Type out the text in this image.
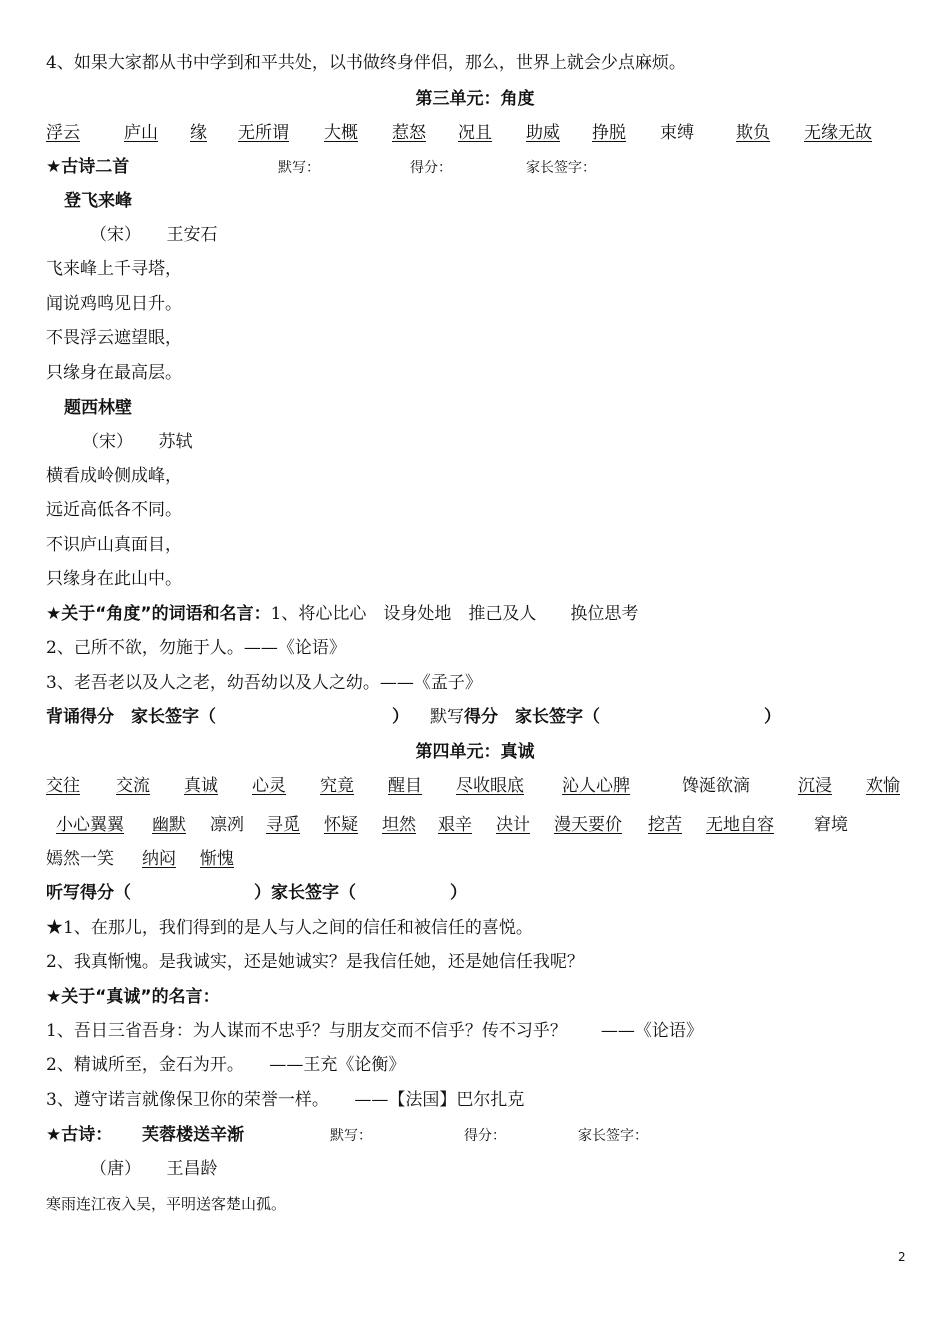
4、如果大家都从书中学到和平共处，以书做终身伴侣，那么，世界上就会少点麻烦。
第三单元：角度
浮云	庐山 缘 无所谓 大概 惹怒 况且 助威 挣脱 束缚 欺负 无缘无故
★古诗二首	默写：	得分：	家长签字：
登飞来峰
（宋）　　王安石
飞来峰上千寻塔，
闻说鸡鸣见日升。
不畏浮云遮望眼，
只缘身在最高层。
题西林壁
（宋）　　苏轼
横看成岭侧成峰，
远近高低各不同。
不识庐山真面目，
只缘身在此山中。
★关于“角度”的词语和名言：1、将心比心　设身处地　推己及人　　换位思考
2、己所不欲，勿施于人。——《论语》
3、老吾老以及人之老，幼吾幼以及人之幼。——《孟子》
背诵得分　家长签字（	） 默写 得分　家长签字（	）
第四单元：真诚
交往 交流 真诚 心灵 究竟 醒目 尽收眼底 沁人心脾	馋涎欲滴	沉浸 欢愉
小心翼翼 幽默 凛冽 寻觅 怀疑 坦然 艰辛 决计 漫天要价 挖苦 无地自容 窘境
嫣然一笑 纳闷 惭愧
听写得分（	）家长签字（	）
★1、在那儿，我们得到的是人与人之间的信任和被信任的喜悦。
2、我真惭愧。是我诚实，还是她诚实？是我信任她，还是她信任我呢？
★关于“真诚”的名言：
1、吾日三省吾身：为人谋而不忠乎？与朋友交而不信乎？传不习乎？　　——《论语》
2、精诚所至，金石为开。　　——王充《论衡》
3、遵守诺言就像保卫你的荣誉一样。　　——【法国】巴尔扎克
★古诗： 芙蓉楼送辛渐	默写：	得分：	家长签字：
（唐）　　王昌龄
寒雨连江夜入吴，平明送客楚山孤。
2
